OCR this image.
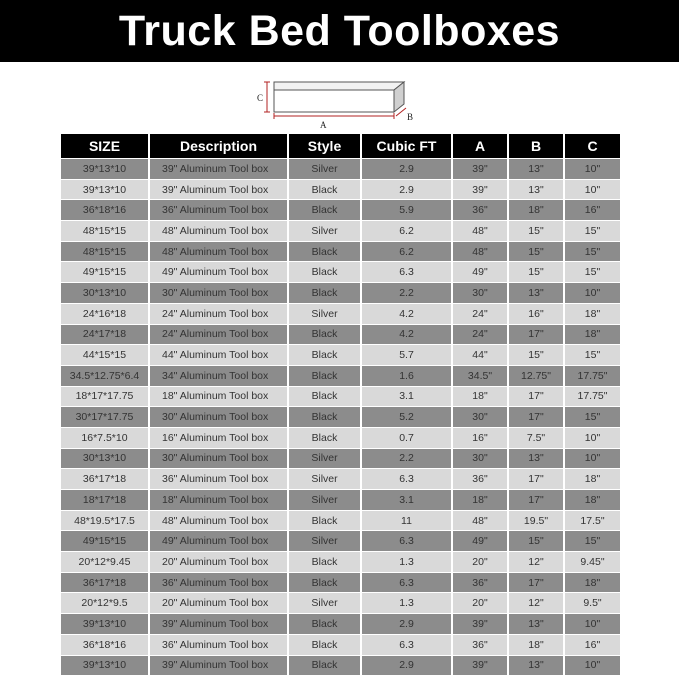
Truck Bed Toolboxes
C
A
B
SIZE	Description	Style	Cubic FT	A	B	C
39*13*10	39" Aluminum Tool box	Silver	2.9	39"	13"	10"
39*13*10	39" Aluminum Tool box	Black	2.9	39"	13"	10"
36*18*16	36" Aluminum Tool box	Black	5.9	36"	18"	16"
48*15*15	48" Aluminum Tool box	Silver	6.2	48"	15"	15"
48*15*15	48" Aluminum Tool box	Black	6.2	48"	15"	15"
49*15*15	49" Aluminum Tool box	Black	6.3	49"	15"	15"
30*13*10	30" Aluminum Tool box	Black	2.2	30"	13"	10"
24*16*18	24" Aluminum Tool box	Silver	4.2	24"	16"	18"
24*17*18	24" Aluminum Tool box	Black	4.2	24"	17"	18"
44*15*15	44" Aluminum Tool box	Black	5.7	44"	15"	15"
34.5*12.75*6.4	34" Aluminum Tool box	Black	1.6	34.5"	12.75"	17.75"
18*17*17.75	18" Aluminum Tool box	Black	3.1	18"	17"	17.75"
30*17*17.75	30" Aluminum Tool box	Black	5.2	30"	17"	15"
16*7.5*10	16" Aluminum Tool box	Black	0.7	16"	7.5"	10"
30*13*10	30" Aluminum Tool box	Silver	2.2	30"	13"	10"
36*17*18	36" Aluminum Tool box	Silver	6.3	36"	17"	18"
18*17*18	18" Aluminum Tool box	Silver	3.1	18"	17"	18"
48*19.5*17.5	48" Aluminum Tool box	Black	11	48"	19.5"	17.5"
49*15*15	49" Aluminum Tool box	Silver	6.3	49"	15"	15"
20*12*9.45	20" Aluminum Tool box	Black	1.3	20"	12"	9.45"
36*17*18	36" Aluminum Tool box	Black	6.3	36"	17"	18"
20*12*9.5	20" Aluminum Tool box	Silver	1.3	20"	12"	9.5"
39*13*10	39" Aluminum Tool box	Black	2.9	39"	13"	10"
36*18*16	36" Aluminum Tool box	Black	6.3	36"	18"	16"
39*13*10	39" Aluminum Tool box	Black	2.9	39"	13"	10"
